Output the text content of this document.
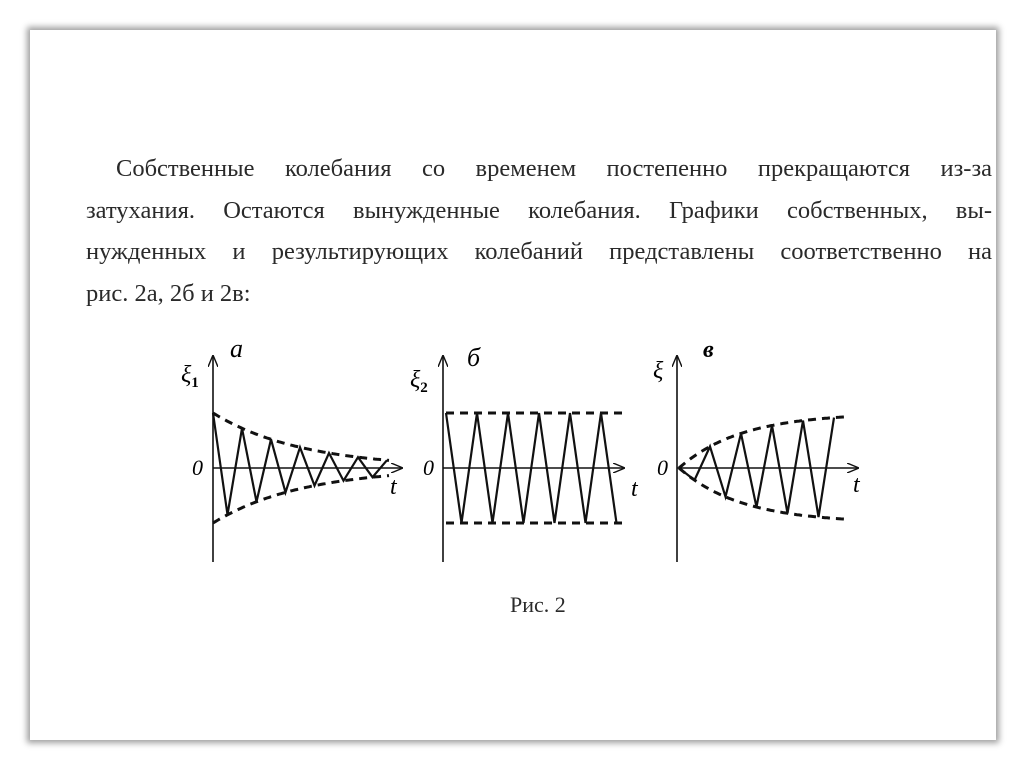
Собственные колебания со временем постепенно прекращаются из-за
затухания. Остаются вынужденные колебания. Графики собственных, вы-
нужденных и результирующих колебаний представлены соответственно на
рис. 2а, 2б и 2в:

а
$\xi_1$
0
t
б
$\xi_2$
0
t
в
ξ
0
t
Рис. 2
